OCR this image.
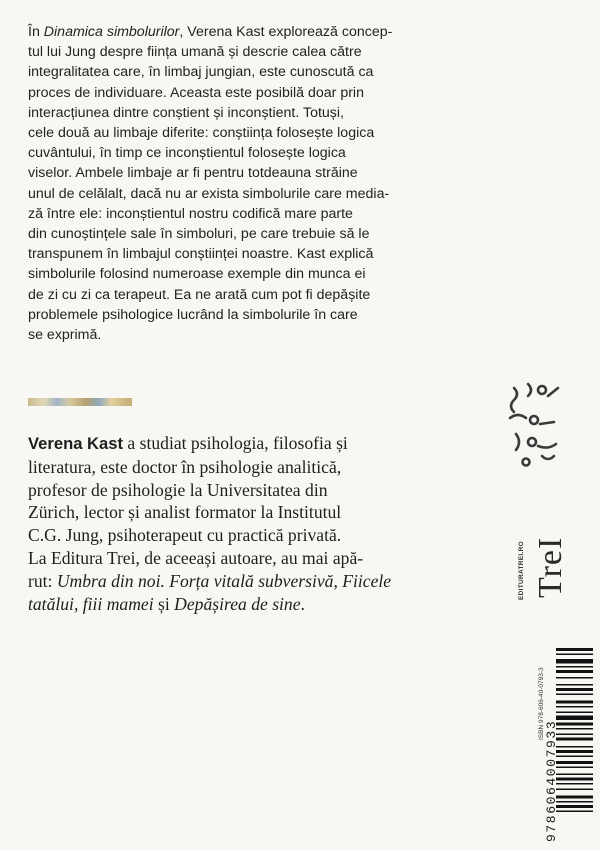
În Dinamica simbolurilor, Verena Kast explorează concep-
tul lui Jung despre ființa umană și descrie calea către
integralitatea care, în limbaj jungian, este cunoscută ca
proces de individuare. Aceasta este posibilă doar prin
interacțiunea dintre conștient și inconștient. Totuși,
cele două au limbaje diferite: conștiința folosește logica
cuvântului, în timp ce inconștientul folosește logica
viselor. Ambele limbaje ar fi pentru totdeauna străine
unul de celălalt, dacă nu ar exista simbolurile care media-
ză între ele: inconștientul nostru codifică mare parte
din cunoștințele sale în simboluri, pe care trebuie să le
transpunem în limbajul conștiinței noastre. Kast explică
simbolurile folosind numeroase exemple din munca ei
de zi cu zi ca terapeut. Ea ne arată cum pot fi depășite
problemele psihologice lucrând la simbolurile în care
se exprimă.
Verena Kast a studiat psihologia, filosofia și
literatura, este doctor în psihologie analitică,
profesor de psihologie la Universitatea din
Zürich, lector și analist formator la Institutul
C.G. Jung, psihoterapeut cu practică privată.
La Editura Trei, de aceeași autoare, au mai apă-
rut: Umbra din noi. Forța vitală subversivă, Fiicele
tatălui, fiii mamei și Depășirea de sine.
EDITURATREI.RO TreI
ISBN 978-606-40-0793-3
9786064007933
